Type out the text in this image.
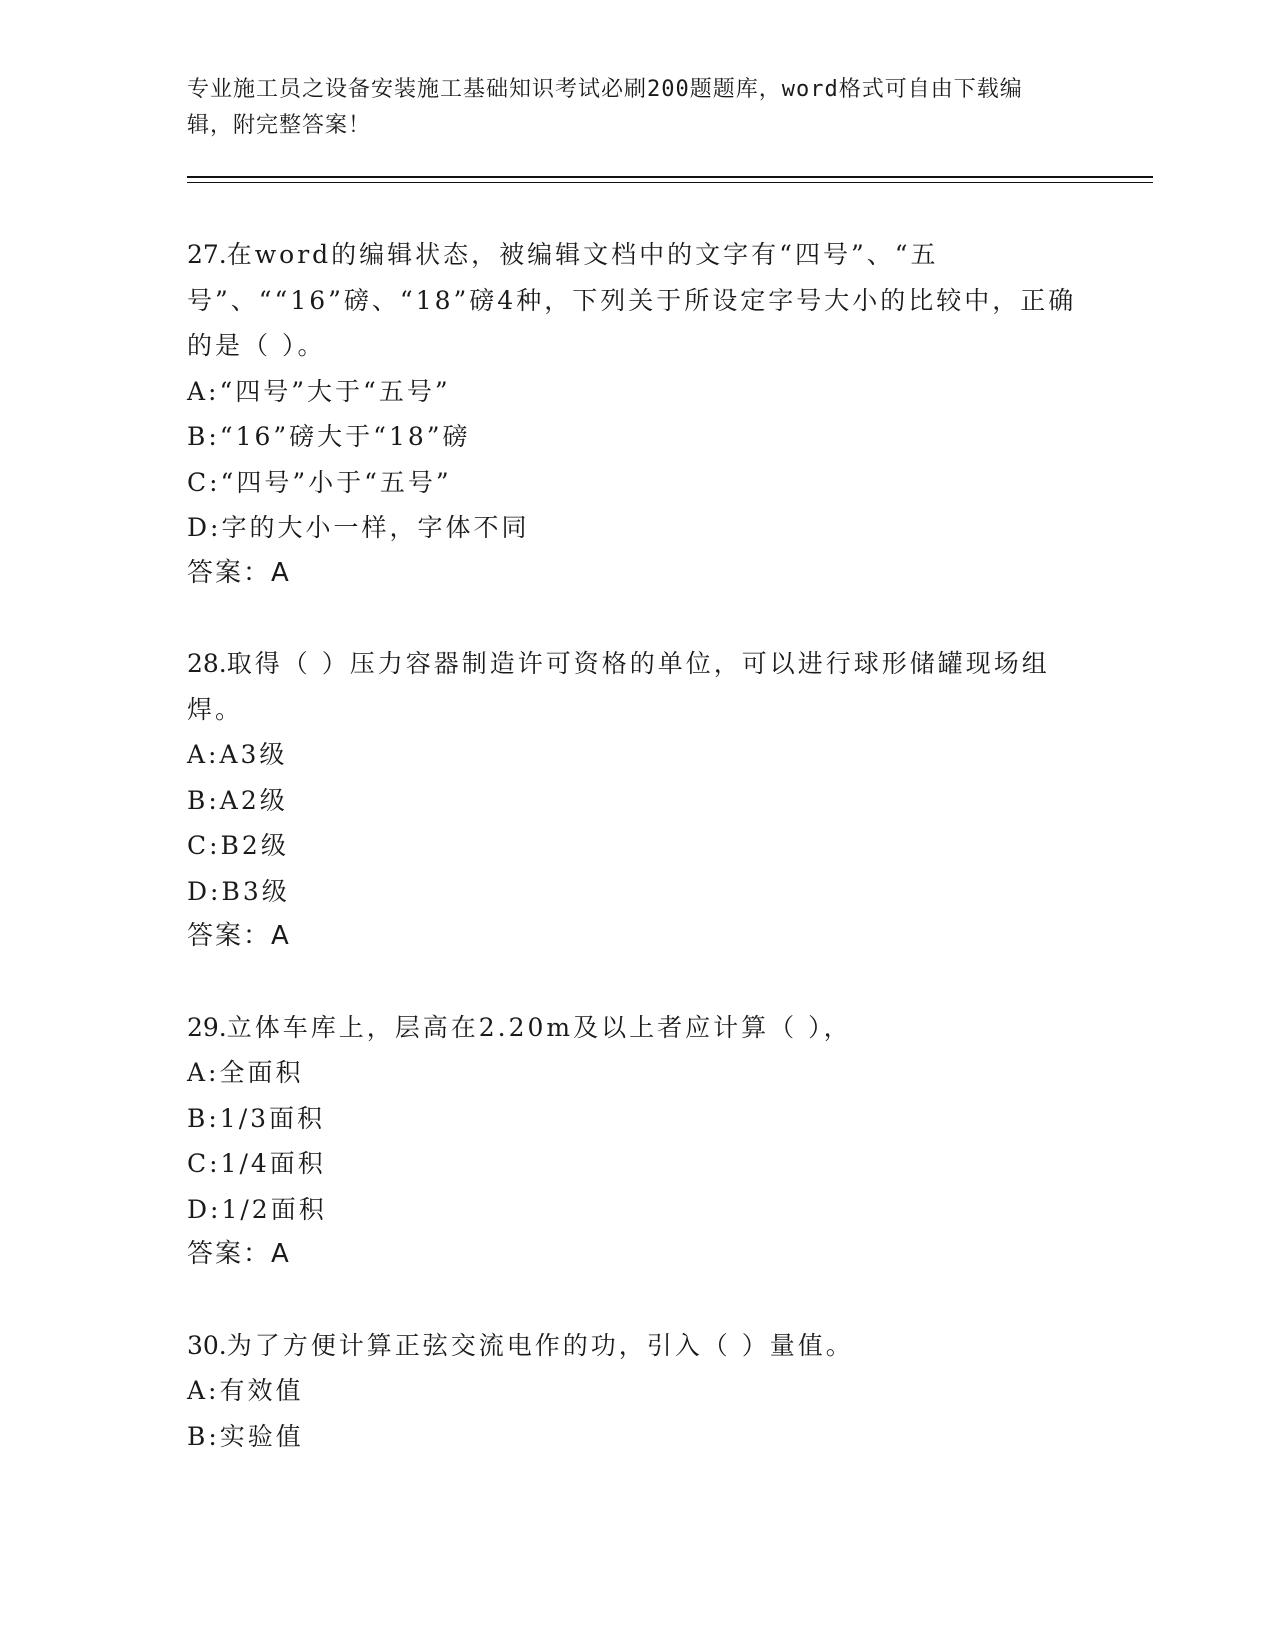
专业施工员之设备安装施工基础知识考试必刷200题题库，word格式可自由下载编辑，附完整答案！
27.在word的编辑状态，被编辑文档中的文字有“四号”、“五号”、““16”磅、“18”磅4种，下列关于所设定字号大小的比较中，正确的是（ ）。
A:“四号”大于“五号”
B:“16”磅大于“18”磅
C:“四号”小于“五号”
D:字的大小一样，字体不同
答案：A
28.取得（ ）压力容器制造许可资格的单位，可以进行球形储罐现场组焊。
A:A3级
B:A2级
C:B2级
D:B3级
答案：A
29.立体车库上，层高在2.20m及以上者应计算（ ），
A:全面积
B:1/3面积
C:1/4面积
D:1/2面积
答案：A
30.为了方便计算正弦交流电作的功，引入（ ）量值。
A:有效值
B:实验值
